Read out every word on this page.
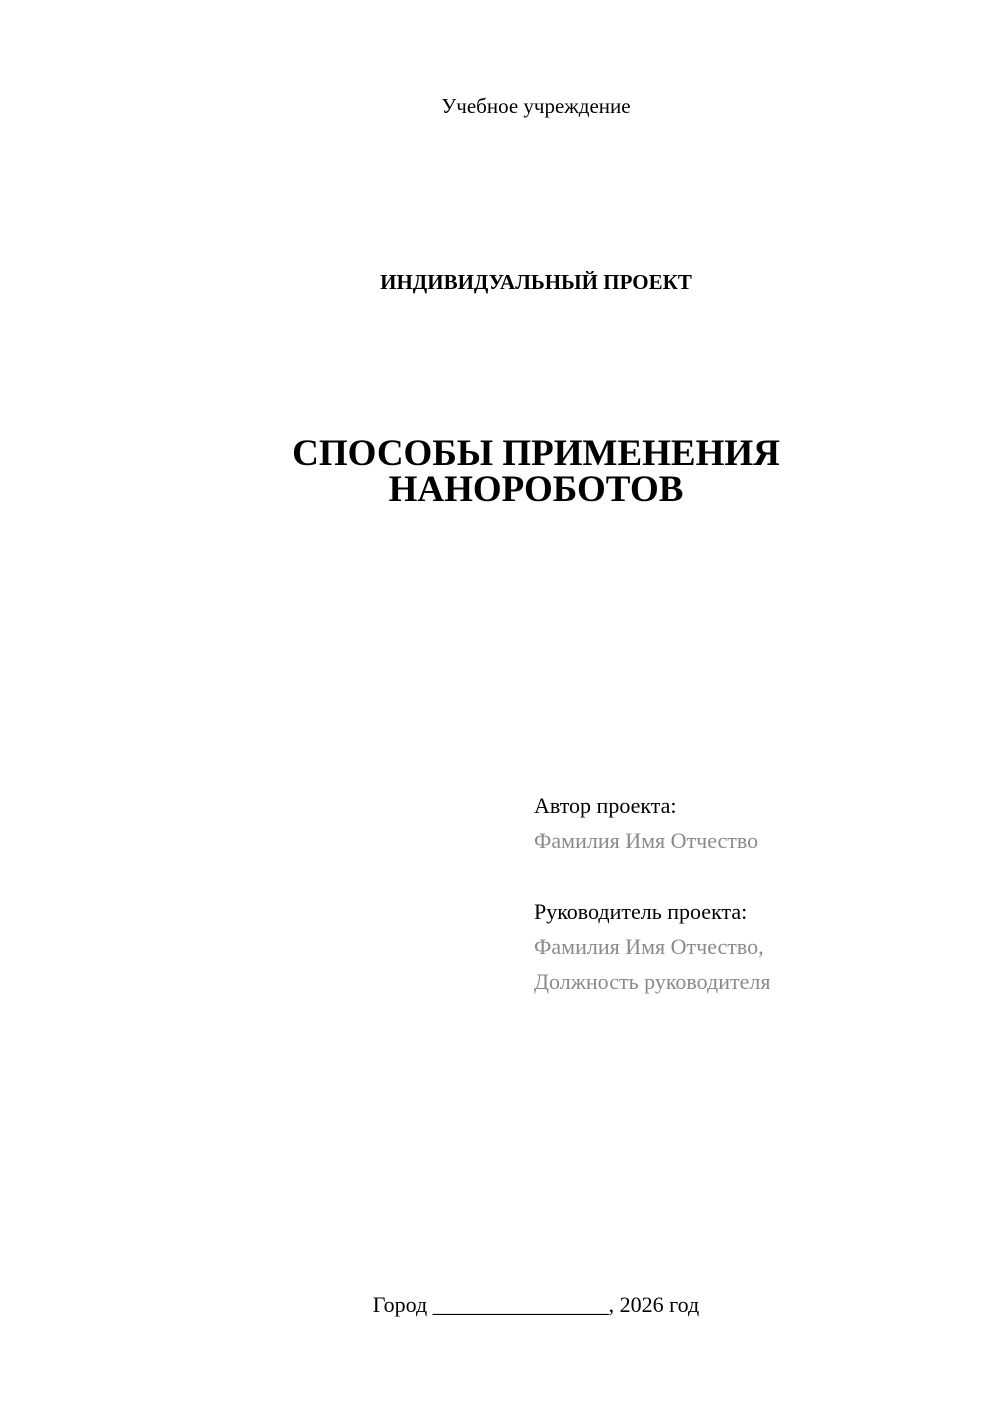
Учебное учреждение
ИНДИВИДУАЛЬНЫЙ ПРОЕКТ
СПОСОБЫ ПРИМЕНЕНИЯ
НАНОРОБОТОВ
Автор проекта:
Фамилия Имя Отчество
Руководитель проекта:
Фамилия Имя Отчество,
Должность руководителя
Город ________________, 2026 год
